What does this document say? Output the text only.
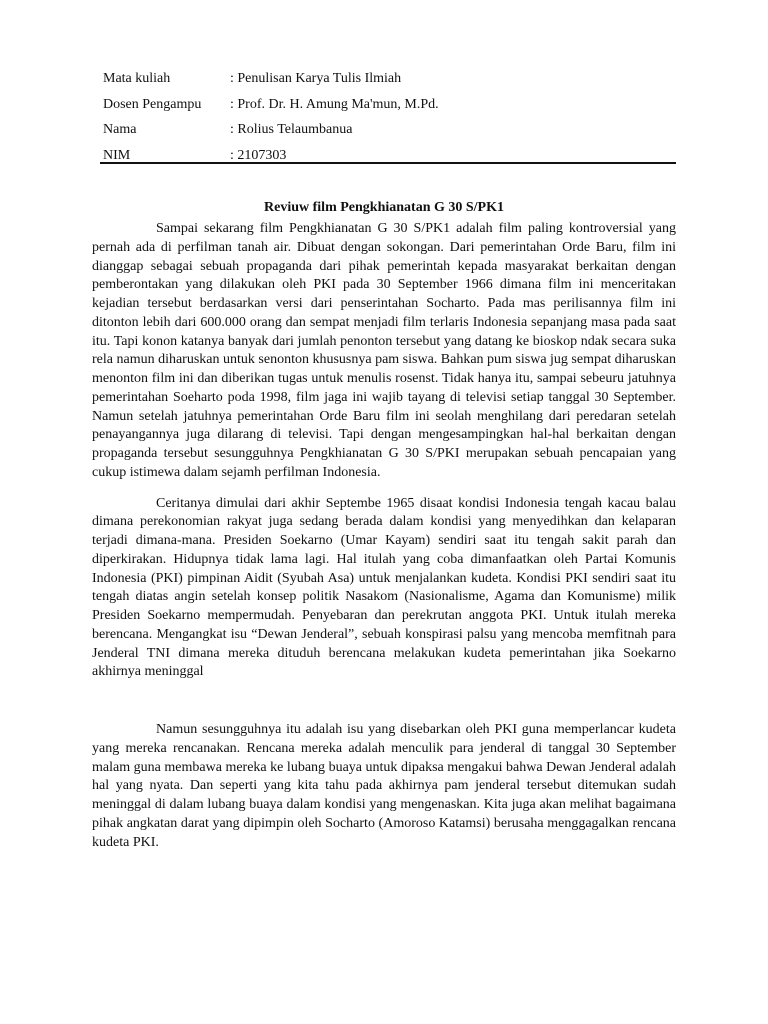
Mata kuliah	: Penulisan Karya Tulis Ilmiah
Dosen Pengampu : Prof. Dr. H. Amung Ma'mun, M.Pd.
Nama	: Rolius Telaumbanua
NIM	: 2107303
Reviuw film Pengkhianatan G 30 S/PK1

Sampai sekarang film Pengkhianatan G 30 S/PK1 adalah film paling kontroversial yang pernah ada di perfilman tanah air. Dibuat dengan sokongan. Dari pemerintahan Orde Baru, film ini dianggap sebagai sebuah propaganda dari pihak pemerintah kepada masyarakat berkaitan dengan pemberontakan yang dilakukan oleh PKI pada 30 September 1966 dimana film ini menceritakan kejadian tersebut berdasarkan versi dari penserintahan Socharto. Pada mas perilisannya film ini ditonton lebih dari 600.000 orang dan sempat menjadi film terlaris Indonesia sepanjang masa pada saat itu. Tapi konon katanya banyak dari jumlah penonton tersebut yang datang ke bioskop ndak secara suka rela namun diharuskan untuk senonton khususnya pam siswa. Bahkan pum siswa jug sempat diharuskan menonton film ini dan diberikan tugas untuk menulis rosenst. Tidak hanya itu, sampai sebeuru jatuhnya pemerintahan Soeharto poda 1998, film jaga ini wajib tayang di televisi setiap tanggal 30 September. Namun setelah jatuhnya pemerintahan Orde Baru film ini seolah menghilang dari peredaran setelah penayangannya juga dilarang di televisi. Tapi dengan mengesampingkan hal-hal berkaitan dengan propaganda tersebut sesungguhnya Pengkhianatan G 30 S/PKI merupakan sebuah pencapaian yang cukup istimewa dalam sejamh perfilman Indonesia.

Ceritanya dimulai dari akhir Septembe 1965 disaat kondisi Indonesia tengah kacau balau dimana perekonomian rakyat juga sedang berada dalam kondisi yang menyedihkan dan kelaparan terjadi dimana-mana. Presiden Soekarno (Umar Kayam) sendiri saat itu tengah sakit parah dan diperkirakan. Hidupnya tidak lama lagi. Hal itulah yang coba dimanfaatkan oleh Partai Komunis Indonesia (PKI) pimpinan Aidit (Syubah Asa) untuk menjalankan kudeta. Kondisi PKI sendiri saat itu tengah diatas angin setelah konsep politik Nasakom (Nasionalisme, Agama dan Komunisme) milik Presiden Soekarno mempermudah. Penyebaran dan perekrutan anggota PKI. Untuk itulah mereka berencana. Mengangkat isu “Dewan Jenderal”, sebuah konspirasi palsu yang mencoba memfitnah para Jenderal TNI dimana mereka dituduh berencana melakukan kudeta pemerintahan jika Soekarno akhirnya meninggal

Namun sesungguhnya itu adalah isu yang disebarkan oleh PKI guna memperlancar kudeta yang mereka rencanakan. Rencana mereka adalah menculik para jenderal di tanggal 30 September malam guna membawa mereka ke lubang buaya untuk dipaksa mengakui bahwa Dewan Jenderal adalah hal yang nyata. Dan seperti yang kita tahu pada akhirnya pam jenderal tersebut ditemukan sudah meninggal di dalam lubang buaya dalam kondisi yang mengenaskan. Kita juga akan melihat bagaimana pihak angkatan darat yang dipimpin oleh Socharto (Amoroso Katamsi) berusaha menggagalkan rencana kudeta PKI.
